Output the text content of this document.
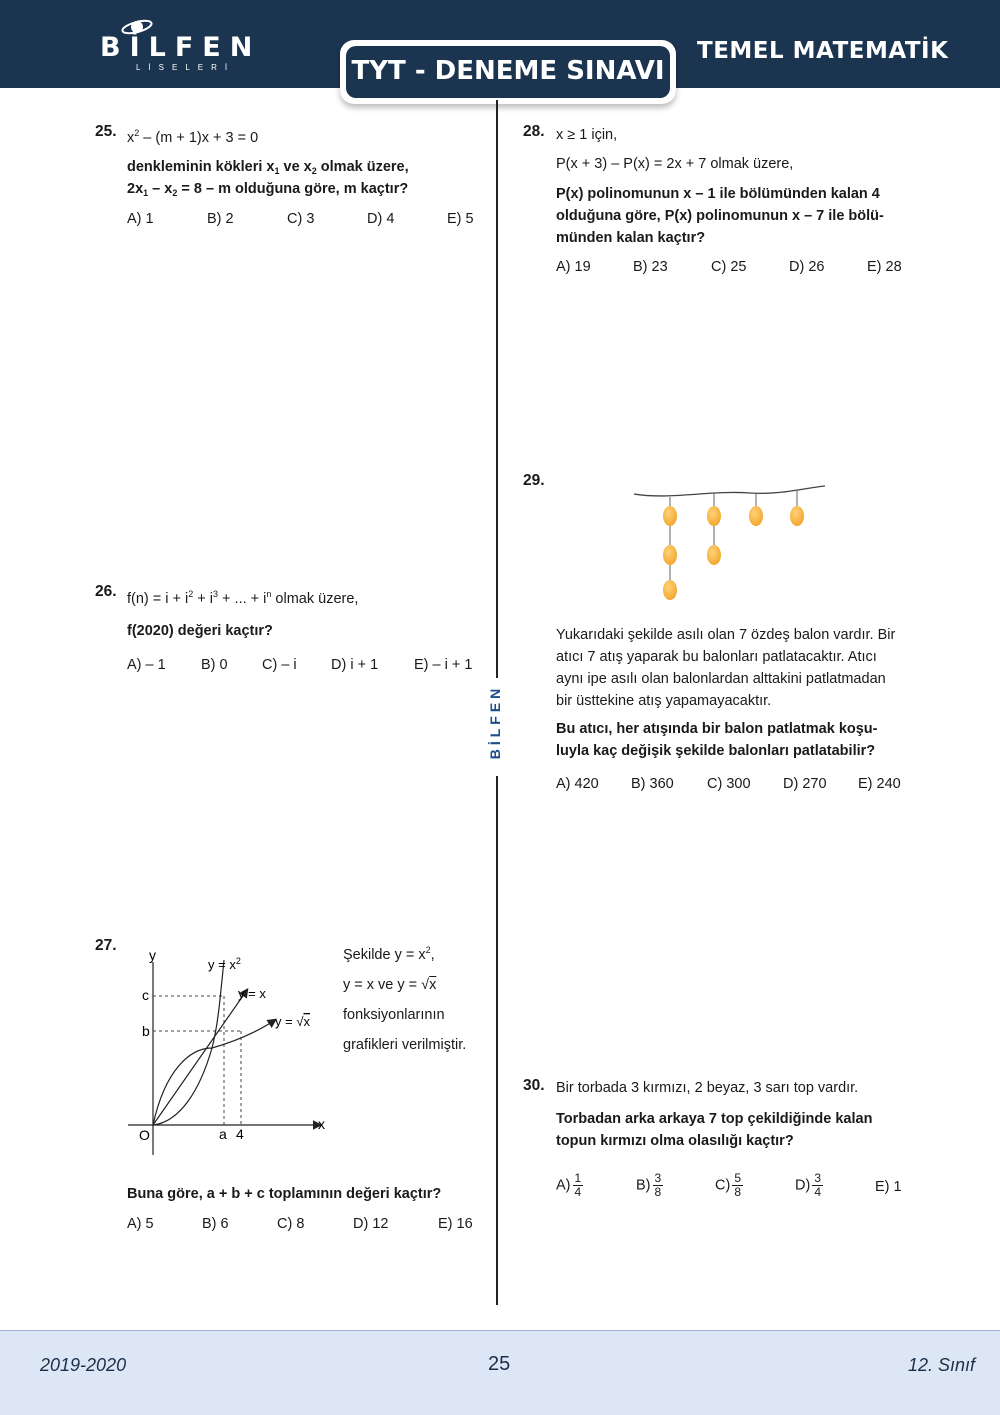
BİLFEN
LİSELERİ
TEMEL MATEMATİK
TYT - DENEME SINAVI
BİLFEN
25. $x^2 - (m + 1)x + 3 = 0$
denkleminin kökleri $x_1$ ve $x_2$ olmak üzere,
$2x_1 - x_2 = 8 - m$ olduğuna göre, m kaçtır?
A) 1	B) 2	C) 3	D) 4	E) 5
26. $f(n) = i + i^2 + i^3$ + ... + $i^n$ olmak üzere,
f(2020) değeri kaçtır?
A) – 1 B) 0 C) – i D) i + 1 E) – i + 1
27.
y
x
O	a 4
c
b
$y = x^2$
y = x
y = √x
Şekilde $y = x^2$,
y = x ve y = √x
fonksiyonlarının
grafikleri verilmiştir.
Buna göre, a + b + c toplamının değeri kaçtır?
A) 5	B) 6	C) 8	D) 12	E) 16
28. x ≥ 1 için,
P(x + 3) – P(x) = 2x + 7 olmak üzere,
P(x) polinomunun x – 1 ile bölümünden kalan 4
olduğuna göre, P(x) polinomunun x – 7 ile bölü-
münden kalan kaçtır?
A) 19	B) 23	C) 25	D) 26	E) 28
29.
Yukarıdaki şekilde asılı olan 7 özdeş balon vardır. Bir
atıcı 7 atış yaparak bu balonları patlatacaktır. Atıcı
aynı ipe asılı olan balonlardan alttakini patlatmadan
bir üsttekine atış yapamayacaktır.
Bu atıcı, her atışında bir balon patlatmak koşu-
luyla kaç değişik şekilde balonları patlatabilir?
A) 420 B) 360 C) 300 D) 270 E) 240
30. Bir torbada 3 kırmızı, 2 beyaz, 3 sarı top vardır.
Torbadan arka arkaya 7 top çekildiğinde kalan
topun kırmızı olma olasılığı kaçtır?
$A) \frac{1}{4}$	$B) \frac{3}{8}$	$C) \frac{5}{8}$	$D) \frac{3}{4}$	E) 1
2019-2020	25	12. Sınıf
